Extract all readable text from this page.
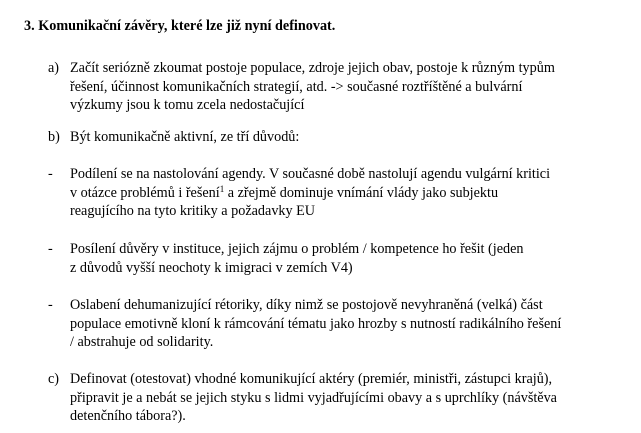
3. Komunikační závěry, které lze již nyní definovat.
a) Začít seriózně zkoumat postoje populace, zdroje jejich obav, postoje k různým typům
řešení, účinnost komunikačních strategií, atd. -> současné roztříštěné a bulvární
výzkumy jsou k tomu zcela nedostačující
b) Být komunikačně aktivní, ze tří důvodů:
- Podílení se na nastolování agendy. V současné době nastolují agendu vulgární kritici
v otázce problémů i řešení$^1$ a zřejmě dominuje vnímání vlády jako subjektu
reagujícího na tyto kritiky a požadavky EU
- Posílení důvěry v instituce, jejich zájmu o problém / kompetence ho řešit (jeden
z důvodů vyšší neochoty k imigraci v zemích V4)
- Oslabení dehumanizující rétoriky, díky nimž se postojově nevyhraněná (velká) část
populace emotivně kloní k rámcování tématu jako hrozby s nutností radikálního řešení
/ abstrahuje od solidarity.
c) Definovat (otestovat) vhodné komunikující aktéry (premiér, ministři, zástupci krajů),
připravit je a nebát se jejich styku s lidmi vyjadřujícími obavy a s uprchlíky (návštěva
detenčního tábora?).
